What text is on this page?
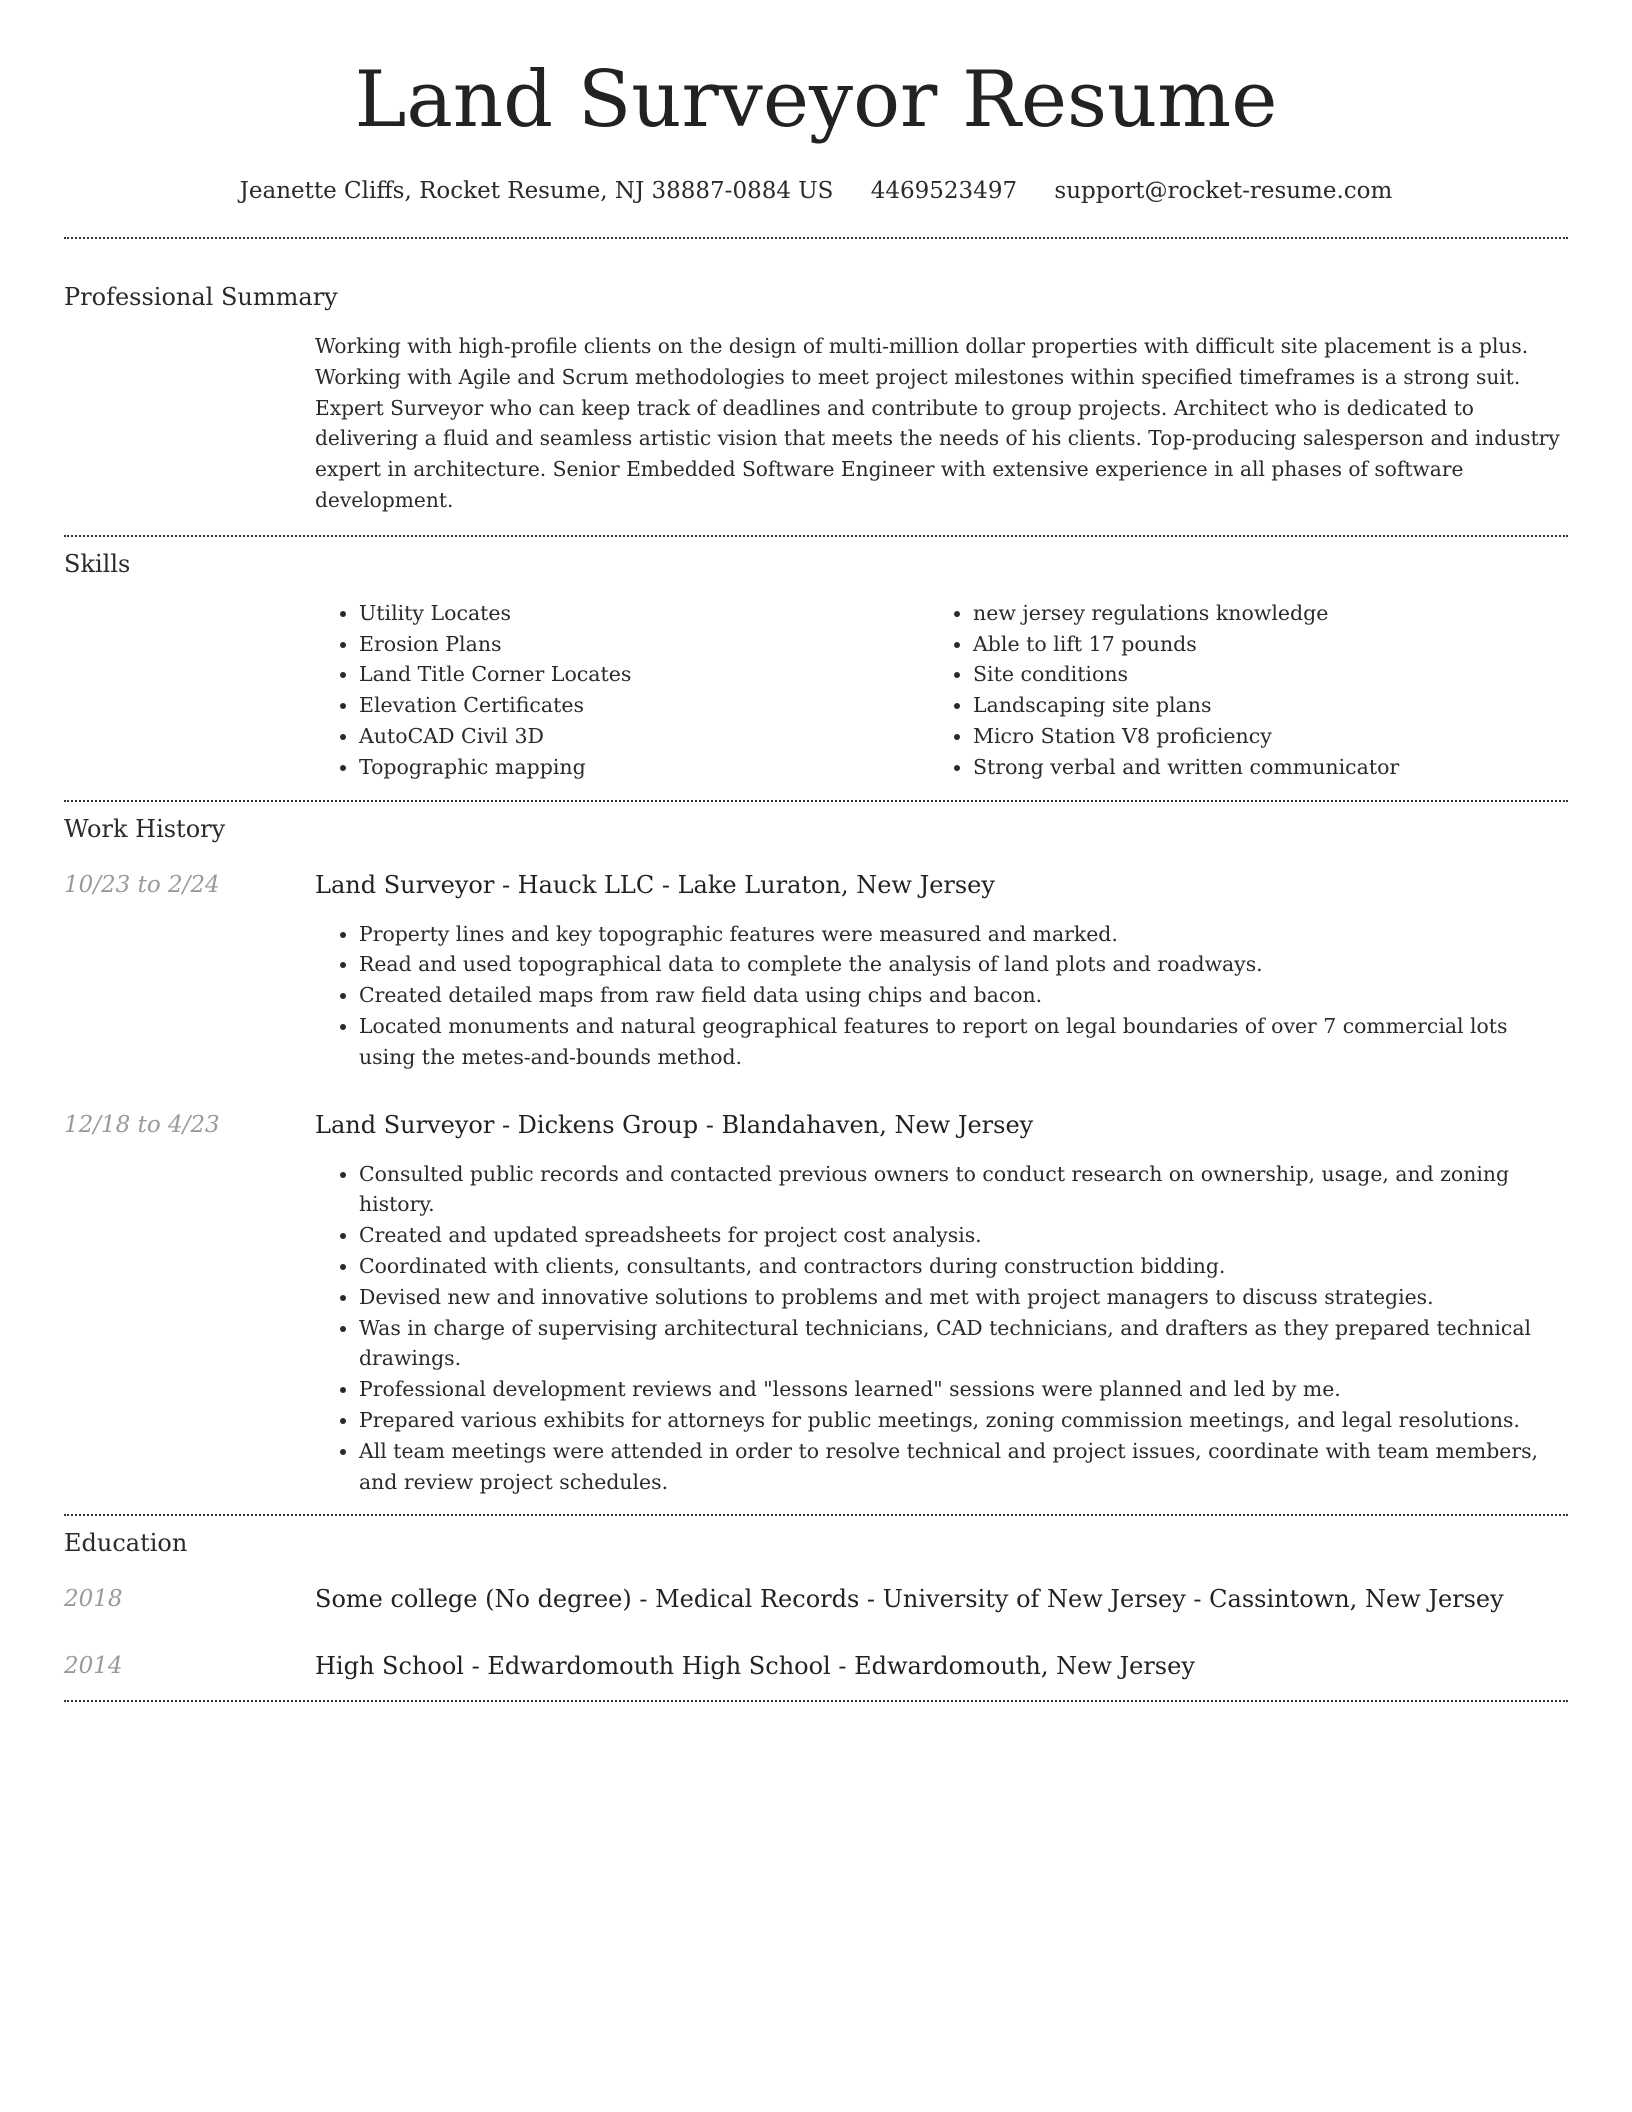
Land Surveyor Resume
Jeanette Cliffs, Rocket Resume, NJ 38887-0884 US 4469523497 support@rocket-resume.com
Professional Summary

Working with high-profile clients on the design of multi-million dollar properties with difficult site placement is a plus. Working with Agile and Scrum methodologies to meet project milestones within specified timeframes is a strong suit. Expert Surveyor who can keep track of deadlines and contribute to group projects. Architect who is dedicated to delivering a fluid and seamless artistic vision that meets the needs of his clients. Top-producing salesperson and industry expert in architecture. Senior Embedded Software Engineer with extensive experience in all phases of software development.

Skills
• Utility Locates
• Erosion Plans
• Land Title Corner Locates
• Elevation Certificates
• AutoCAD Civil 3D
• Topographic mapping
• new jersey regulations knowledge
• Able to lift 17 pounds
• Site conditions
• Landscaping site plans
• Micro Station V8 proficiency
• Strong verbal and written communicator
Work History
10/23 to 2/24	Land Surveyor - Hauck LLC - Lake Luraton, New Jersey
• Property lines and key topographic features were measured and marked.
• Read and used topographical data to complete the analysis of land plots and roadways.
• Created detailed maps from raw field data using chips and bacon.
• Located monuments and natural geographical features to report on legal boundaries of over 7 commercial lots using the metes-and-bounds method.
12/18 to 4/23	Land Surveyor - Dickens Group - Blandahaven, New Jersey
• Consulted public records and contacted previous owners to conduct research on ownership, usage, and zoning history.
• Created and updated spreadsheets for project cost analysis.
• Coordinated with clients, consultants, and contractors during construction bidding.
• Devised new and innovative solutions to problems and met with project managers to discuss strategies.
• Was in charge of supervising architectural technicians, CAD technicians, and drafters as they prepared technical drawings.
• Professional development reviews and "lessons learned" sessions were planned and led by me.
• Prepared various exhibits for attorneys for public meetings, zoning commission meetings, and legal resolutions.
• All team meetings were attended in order to resolve technical and project issues, coordinate with team members, and review project schedules.
Education
2018	Some college (No degree) - Medical Records - University of New Jersey - Cassintown, New Jersey
2014	High School - Edwardomouth High School - Edwardomouth, New Jersey
